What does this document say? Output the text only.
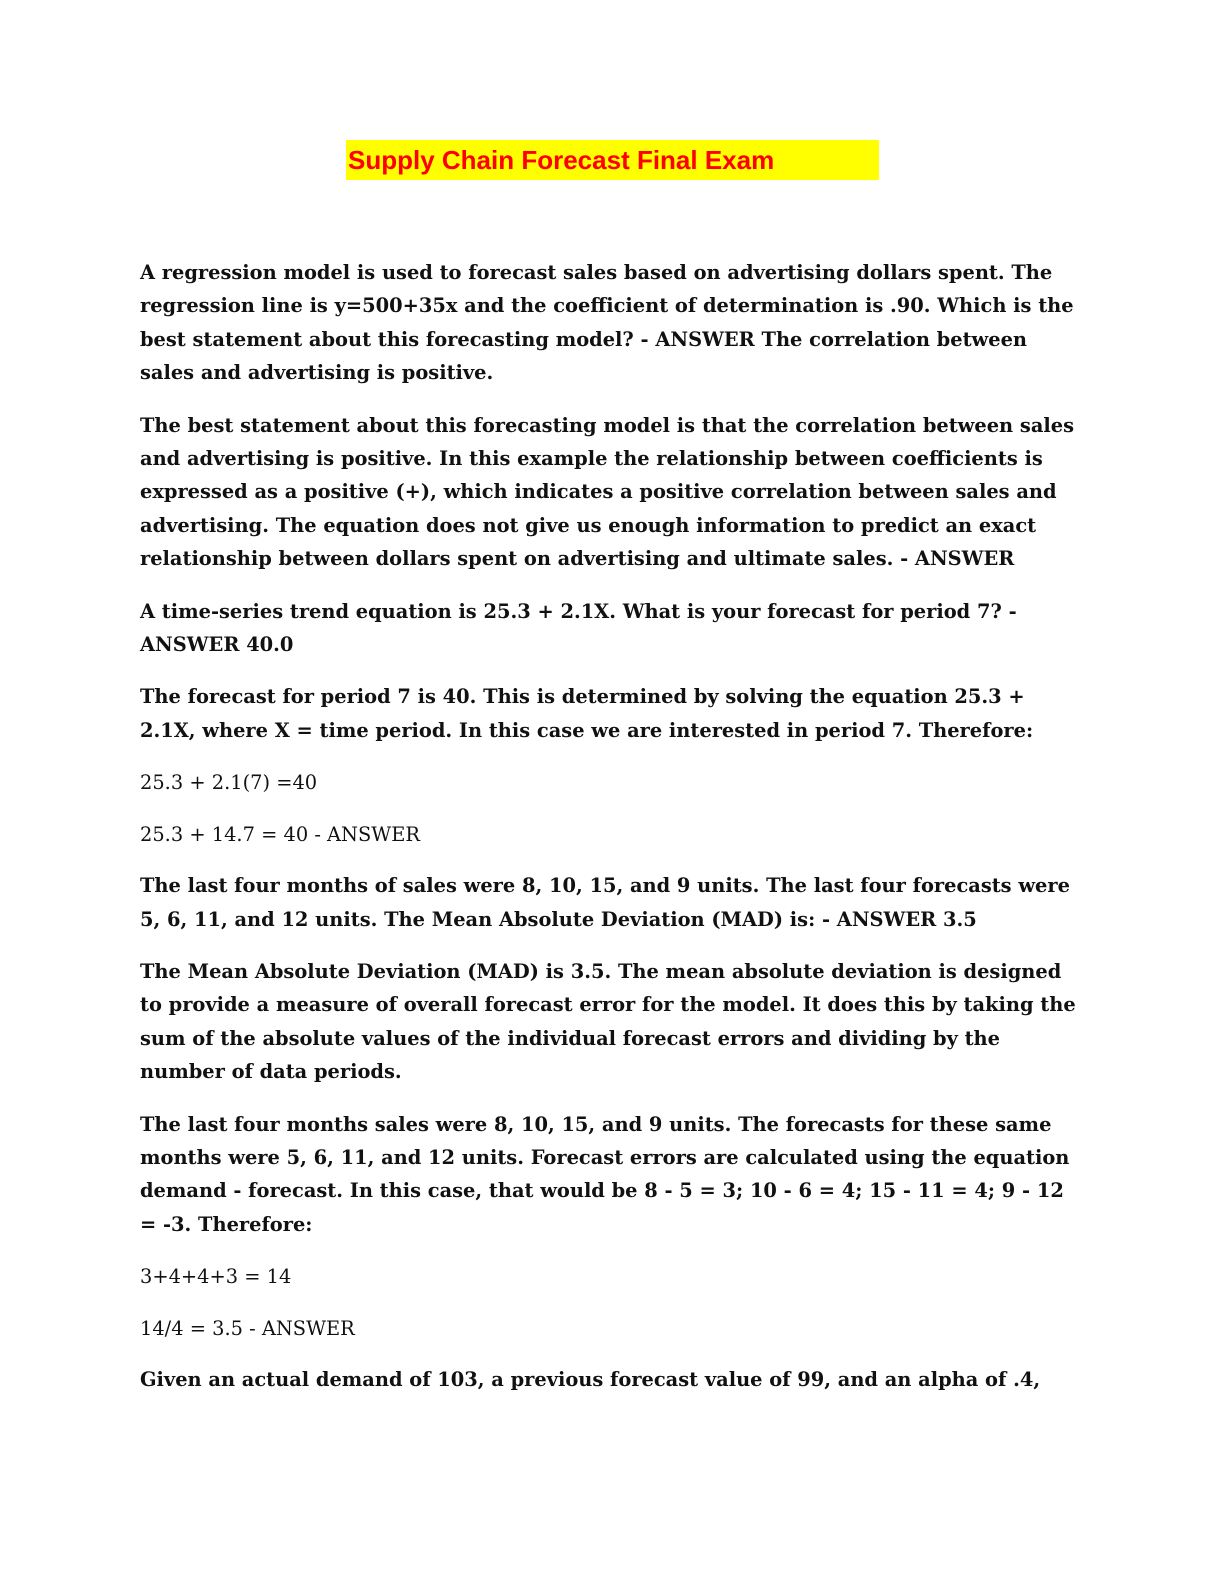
Supply Chain Forecast Final Exam

A regression model is used to forecast sales based on advertising dollars spent. The regression line is y=500+35x and the coefficient of determination is .90. Which is the best statement about this forecasting model? - ANSWER The correlation between sales and advertising is positive.

The best statement about this forecasting model is that the correlation between sales and advertising is positive. In this example the relationship between coefficients is expressed as a positive (+), which indicates a positive correlation between sales and advertising. The equation does not give us enough information to predict an exact relationship between dollars spent on advertising and ultimate sales. - ANSWER

A time-series trend equation is 25.3 + 2.1X. What is your forecast for period 7? - ANSWER 40.0

The forecast for period 7 is 40. This is determined by solving the equation 25.3 + 2.1X, where X = time period. In this case we are interested in period 7. Therefore:

25.3 + 2.1(7) =40

25.3 + 14.7 = 40 - ANSWER

The last four months of sales were 8, 10, 15, and 9 units. The last four forecasts were 5, 6, 11, and 12 units. The Mean Absolute Deviation (MAD) is: - ANSWER 3.5

The Mean Absolute Deviation (MAD) is 3.5. The mean absolute deviation is designed to provide a measure of overall forecast error for the model. It does this by taking the sum of the absolute values of the individual forecast errors and dividing by the number of data periods.

The last four months sales were 8, 10, 15, and 9 units. The forecasts for these same months were 5, 6, 11, and 12 units. Forecast errors are calculated using the equation demand - forecast. In this case, that would be 8 - 5 = 3; 10 - 6 = 4; 15 - 11 = 4; 9 - 12 = -3. Therefore:

3+4+4+3 = 14

14/4 = 3.5 - ANSWER

Given an actual demand of 103, a previous forecast value of 99, and an alpha of .4,
